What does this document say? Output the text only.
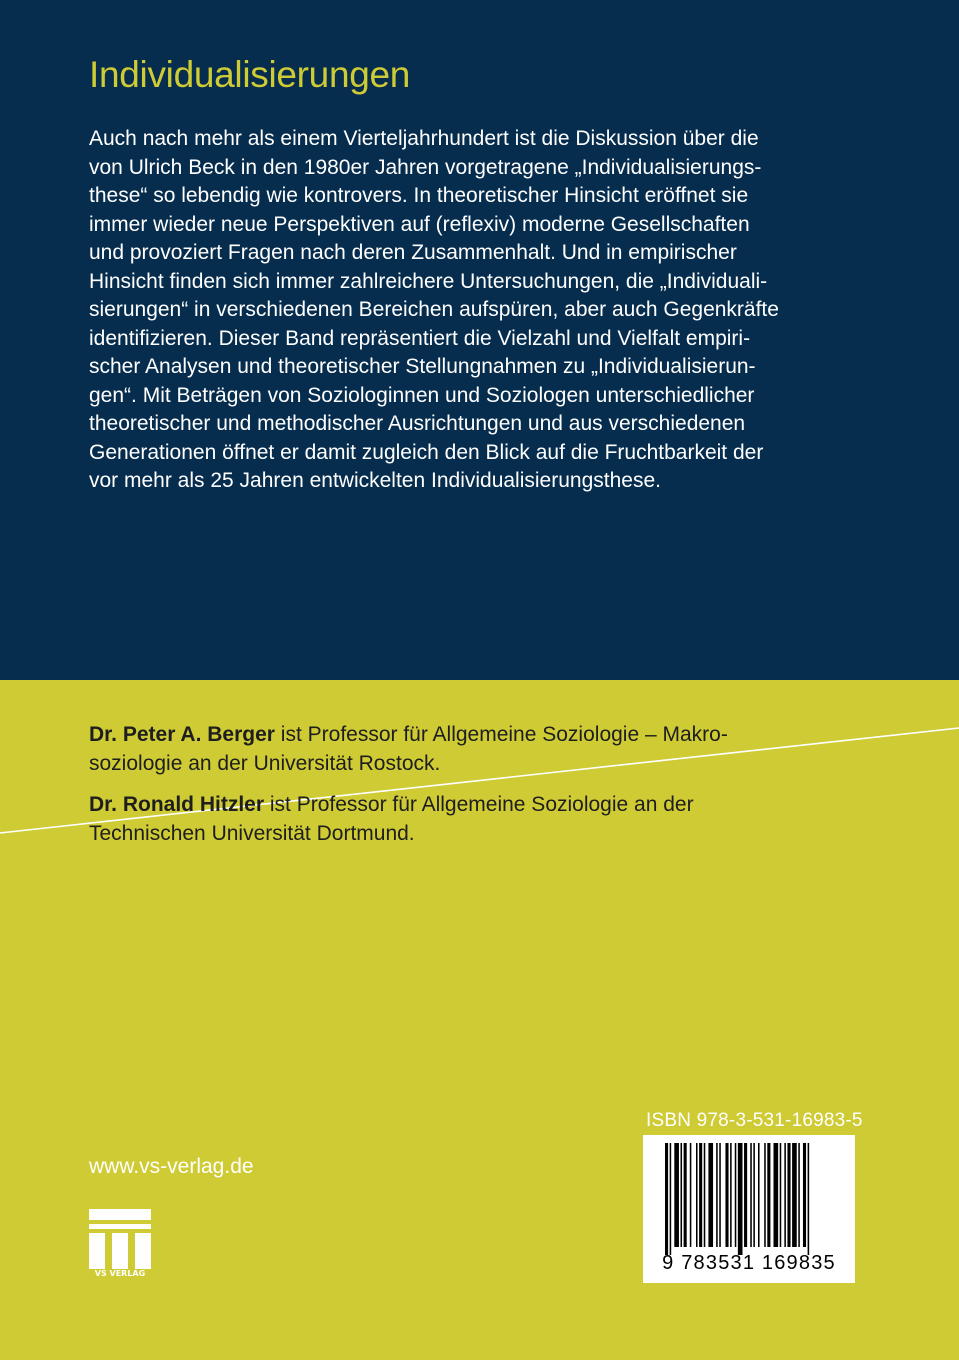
Individualisierungen
Auch nach mehr als einem Vierteljahrhundert ist die Diskussion über die
von Ulrich Beck in den 1980er Jahren vorgetragene „Individualisierungs-
these“ so lebendig wie kontrovers. In theoretischer Hinsicht eröffnet sie
immer wieder neue Perspektiven auf (reflexiv) moderne Gesellschaften
und provoziert Fragen nach deren Zusammenhalt. Und in empirischer
Hinsicht finden sich immer zahlreichere Untersuchungen, die „Individuali-
sierungen“ in verschiedenen Bereichen aufspüren, aber auch Gegenkräfte
identifizieren. Dieser Band repräsentiert die Vielzahl und Vielfalt empiri-
scher Analysen und theoretischer Stellungnahmen zu „Individualisierun-
gen“. Mit Beträgen von Soziologinnen und Soziologen unterschiedlicher
theoretischer und methodischer Ausrichtungen und aus verschiedenen
Generationen öffnet er damit zugleich den Blick auf die Fruchtbarkeit der
vor mehr als 25 Jahren entwickelten Individualisierungsthese.
Dr. Peter A. Berger ist Professor für Allgemeine Soziologie – Makro-
soziologie an der Universität Rostock.
Dr. Ronald Hitzler ist Professor für Allgemeine Soziologie an der
Technischen Universität Dortmund.

www.vs-verlag.de

VS VERLAG

ISBN 978-3-531-16983-5

9 783531 169835
